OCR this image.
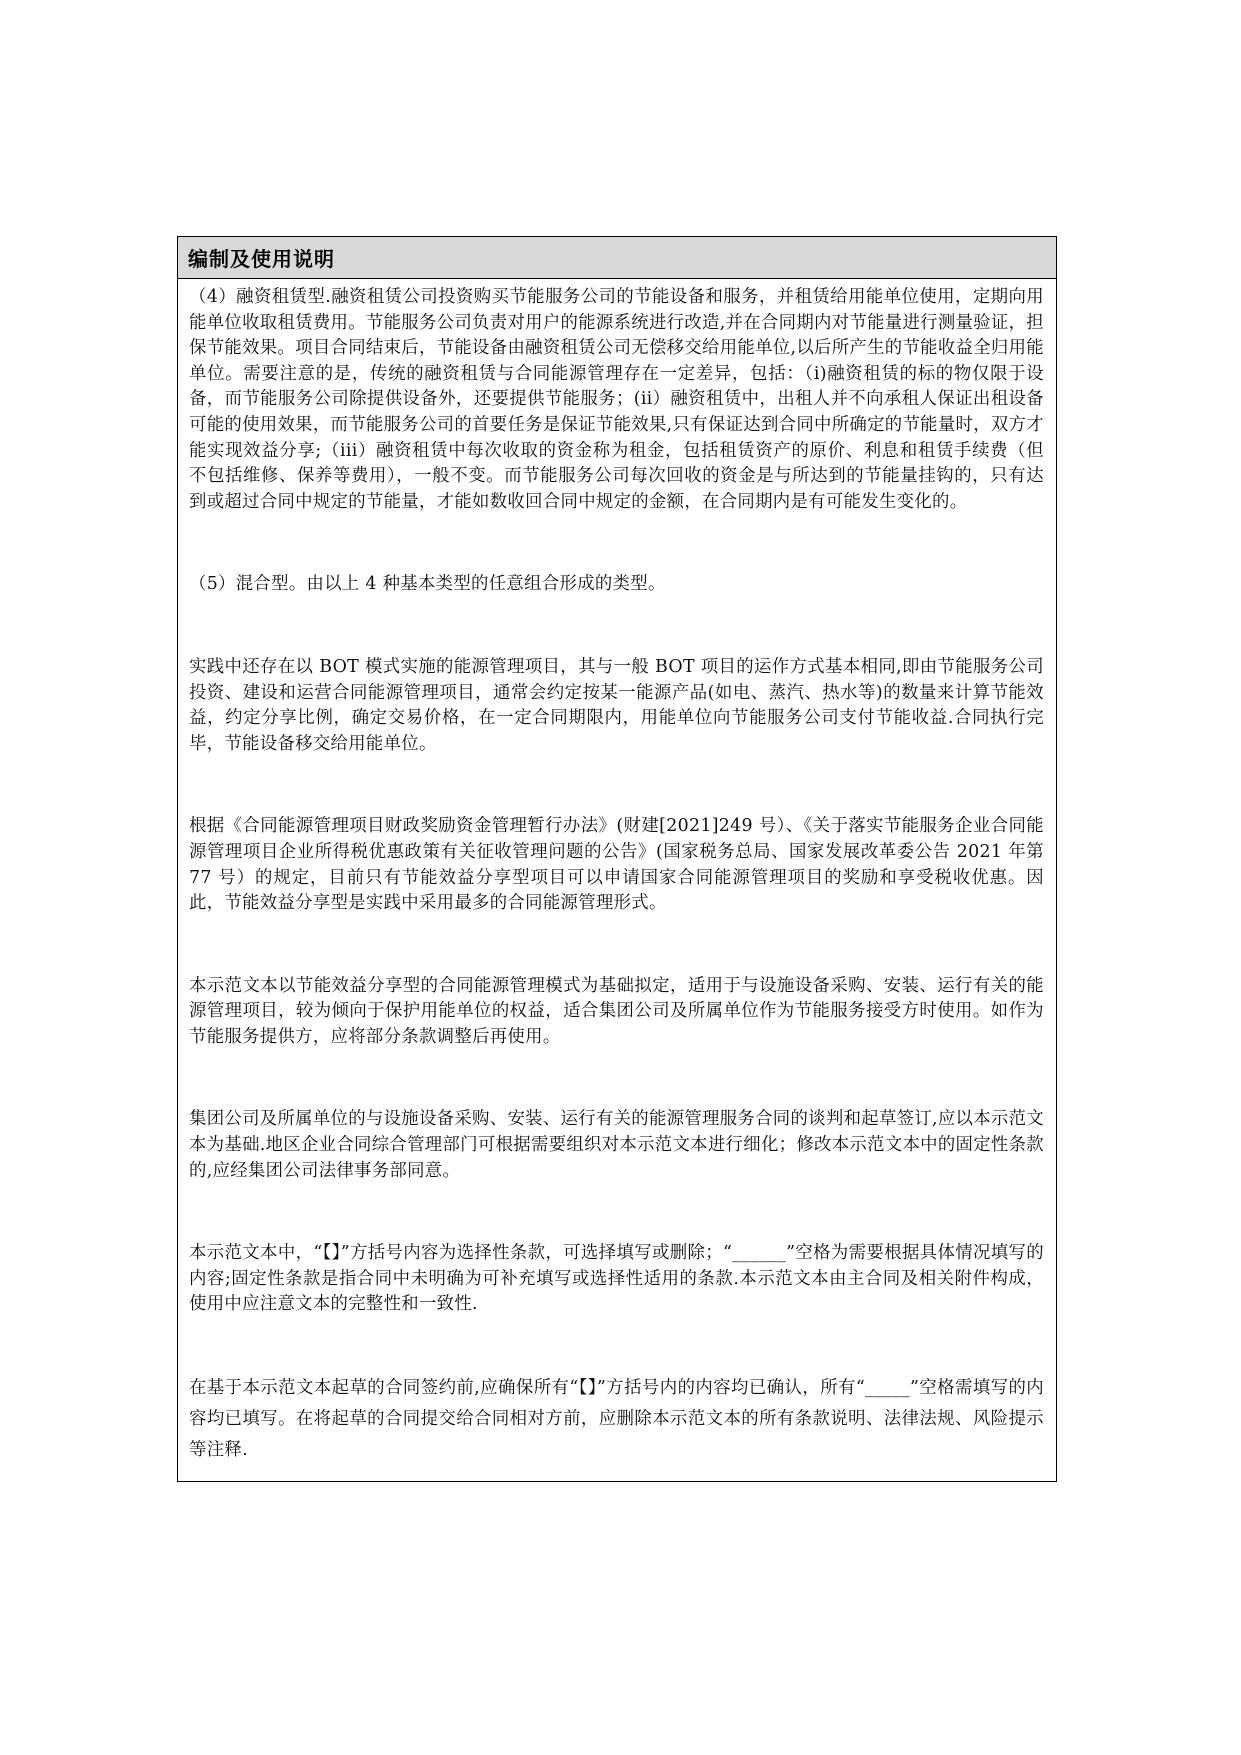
编制及使用说明

（4）融资租赁型.融资租赁公司投资购买节能服务公司的节能设备和服务，并租赁给用能单位使用，定期向用能单位收取租赁费用。节能服务公司负责对用户的能源系统进行改造,并在合同期内对节能量进行测量验证，担保节能效果。项目合同结束后，节能设备由融资租赁公司无偿移交给用能单位,以后所产生的节能收益全归用能单位。需要注意的是，传统的融资租赁与合同能源管理存在一定差异，包括：（i)融资租赁的标的物仅限于设备，而节能服务公司除提供设备外，还要提供节能服务；(ii）融资租赁中，出租人并不向承租人保证出租设备可能的使用效果，而节能服务公司的首要任务是保证节能效果,只有保证达到合同中所确定的节能量时，双方才能实现效益分享;（iii）融资租赁中每次收取的资金称为租金，包括租赁资产的原价、利息和租赁手续费（但不包括维修、保养等费用），一般不变。而节能服务公司每次回收的资金是与所达到的节能量挂钩的，只有达到或超过合同中规定的节能量，才能如数收回合同中规定的金额，在合同期内是有可能发生变化的。

（5）混合型。由以上 4 种基本类型的任意组合形成的类型。

实践中还存在以 BOT 模式实施的能源管理项目，其与一般 BOT 项目的运作方式基本相同,即由节能服务公司投资、建设和运营合同能源管理项目，通常会约定按某一能源产品(如电、蒸汽、热水等)的数量来计算节能效益，约定分享比例，确定交易价格，在一定合同期限内，用能单位向节能服务公司支付节能收益.合同执行完毕，节能设备移交给用能单位。

根据《合同能源管理项目财政奖励资金管理暂行办法》(财建[2021]249 号）、《关于落实节能服务企业合同能源管理项目企业所得税优惠政策有关征收管理问题的公告》(国家税务总局、国家发展改革委公告 2021 年第 77 号）的规定，目前只有节能效益分享型项目可以申请国家合同能源管理项目的奖励和享受税收优惠。因此，节能效益分享型是实践中采用最多的合同能源管理形式。

本示范文本以节能效益分享型的合同能源管理模式为基础拟定，适用于与设施设备采购、安装、运行有关的能源管理项目，较为倾向于保护用能单位的权益，适合集团公司及所属单位作为节能服务接受方时使用。如作为节能服务提供方，应将部分条款调整后再使用。

集团公司及所属单位的与设施设备采购、安装、运行有关的能源管理服务合同的谈判和起草签订,应以本示范文本为基础.地区企业合同综合管理部门可根据需要组织对本示范文本进行细化；修改本示范文本中的固定性条款的,应经集团公司法律事务部同意。

本示范文本中，“【】”方括号内容为选择性条款，可选择填写或删除；“______”空格为需要根据具体情况填写的内容;固定性条款是指合同中未明确为可补充填写或选择性适用的条款.本示范文本由主合同及相关附件构成，使用中应注意文本的完整性和一致性.

在基于本示范文本起草的合同签约前,应确保所有“【】”方括号内的内容均已确认，所有“_____”空格需填写的内容均已填写。在将起草的合同提交给合同相对方前，应删除本示范文本的所有条款说明、法律法规、风险提示等注释.
